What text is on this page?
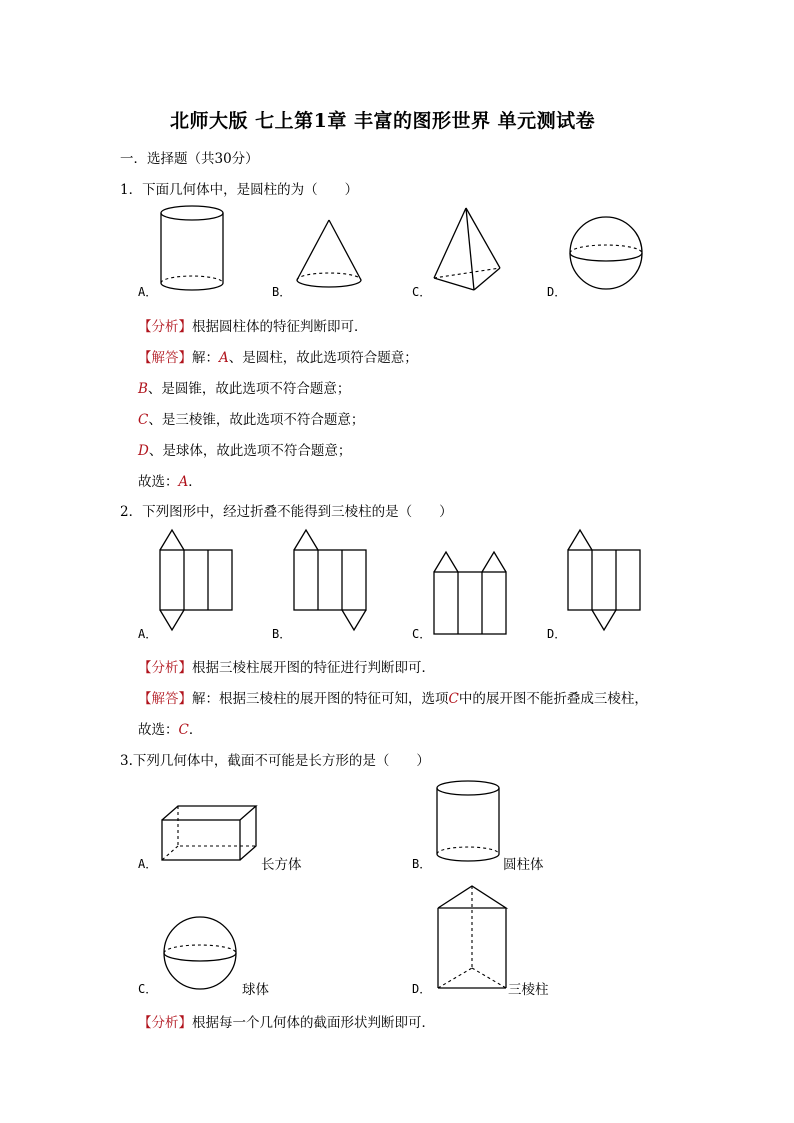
北师大版 七上第1章 丰富的图形世界 单元测试卷
一．选择题（共30分）
1．下面几何体中，是圆柱的为（　　）
A．	B．	C．	D．
【分析】根据圆柱体的特征判断即可．
【解答】解：A、是圆柱，故此选项符合题意；
B、是圆锥，故此选项不符合题意；
C、是三棱锥，故此选项不符合题意；
D、是球体，故此选项不符合题意；
故选：A．
2．下列图形中，经过折叠不能得到三棱柱的是（　　）
A．	B．	C．	D．
【分析】根据三棱柱展开图的特征进行判断即可．
【解答】解：根据三棱柱的展开图的特征可知，选项C中的展开图不能折叠成三棱柱，
故选：C．
3.下列几何体中，截面不可能是长方形的是（　　）
A．	长方体	B．	圆柱体
C．	球体	D．	三棱柱
【分析】根据每一个几何体的截面形状判断即可．
